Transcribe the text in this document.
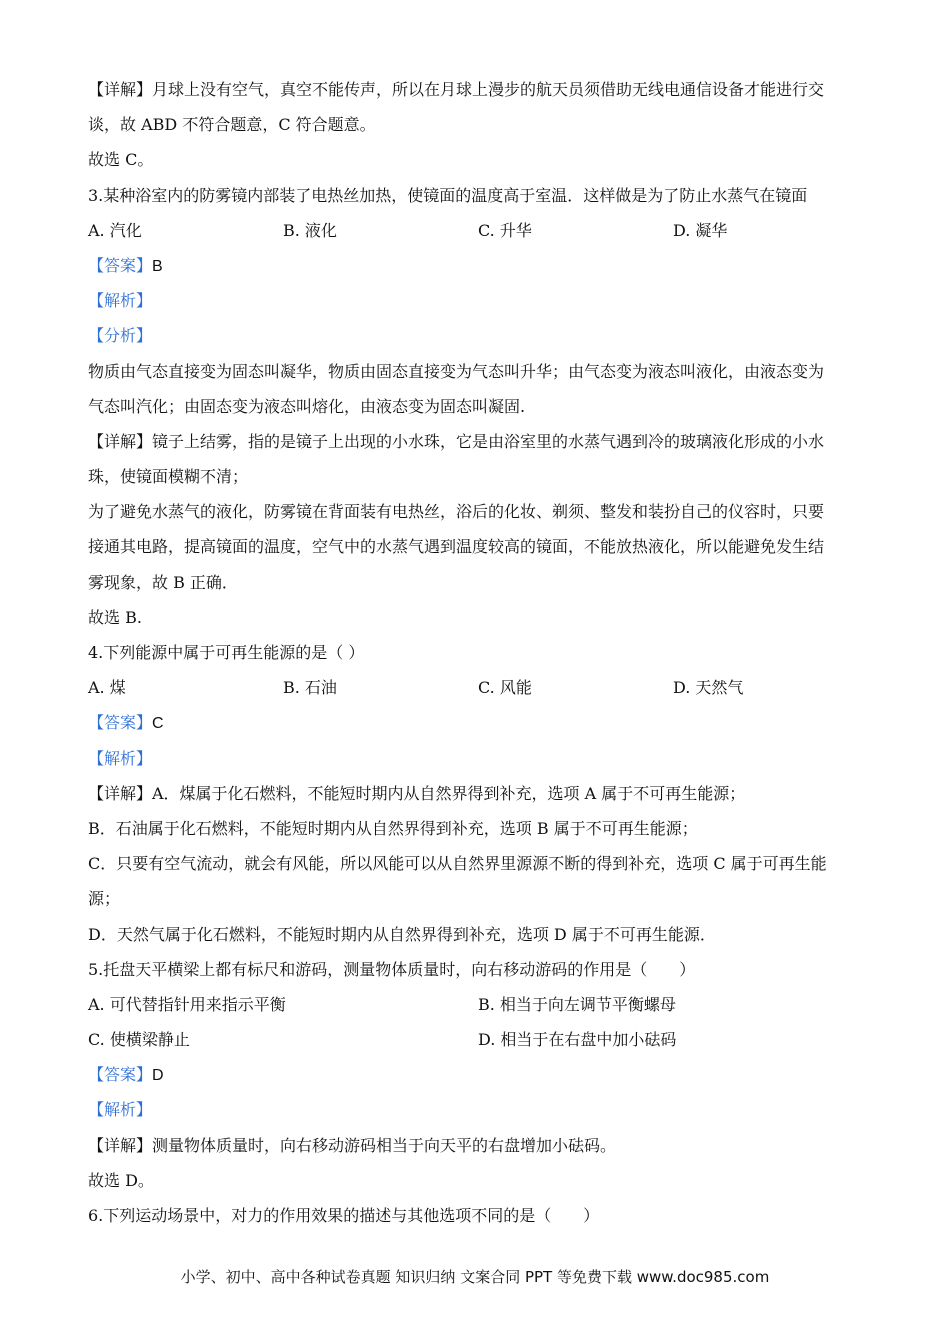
【详解】月球上没有空气，真空不能传声，所以在月球上漫步的航天员须借助无线电通信设备才能进行交
谈，故 ABD 不符合题意，C 符合题意。
故选 C。
3.某种浴室内的防雾镜内部装了电热丝加热，使镜面的温度高于室温．这样做是为了防止水蒸气在镜面
A. 汽化	B. 液化	C. 升华	D. 凝华
【答案】B
【解析】
【分析】
物质由气态直接变为固态叫凝华，物质由固态直接变为气态叫升华；由气态变为液态叫液化，由液态变为
气态叫汽化；由固态变为液态叫熔化，由液态变为固态叫凝固.
【详解】镜子上结雾，指的是镜子上出现的小水珠，它是由浴室里的水蒸气遇到冷的玻璃液化形成的小水
珠，使镜面模糊不清；
为了避免水蒸气的液化，防雾镜在背面装有电热丝，浴后的化妆、剃须、整发和装扮自己的仪容时，只要
接通其电路，提高镜面的温度，空气中的水蒸气遇到温度较高的镜面，不能放热液化，所以能避免发生结
雾现象，故 B 正确．
故选 B.
4.下列能源中属于可再生能源的是（ ）
A. 煤	B. 石油	C. 风能	D. 天然气
【答案】C
【解析】
【详解】A．煤属于化石燃料，不能短时期内从自然界得到补充，选项 A 属于不可再生能源；
B．石油属于化石燃料，不能短时期内从自然界得到补充，选项 B 属于不可再生能源；
C．只要有空气流动，就会有风能，所以风能可以从自然界里源源不断的得到补充，选项 C 属于可再生能
源；
D．天然气属于化石燃料，不能短时期内从自然界得到补充，选项 D 属于不可再生能源．
5.托盘天平横梁上都有标尺和游码，测量物体质量时，向右移动游码的作用是（　　）
A. 可代替指针用来指示平衡	B. 相当于向左调节平衡螺母
C. 使横梁静止	D. 相当于在右盘中加小砝码
【答案】D
【解析】
【详解】测量物体质量时，向右移动游码相当于向天平的右盘增加小砝码。
故选 D。
6.下列运动场景中，对力的作用效果的描述与其他选项不同的是（　　）
小学、初中、高中各种试卷真题 知识归纳 文案合同 PPT 等免费下载 www.doc985.com
